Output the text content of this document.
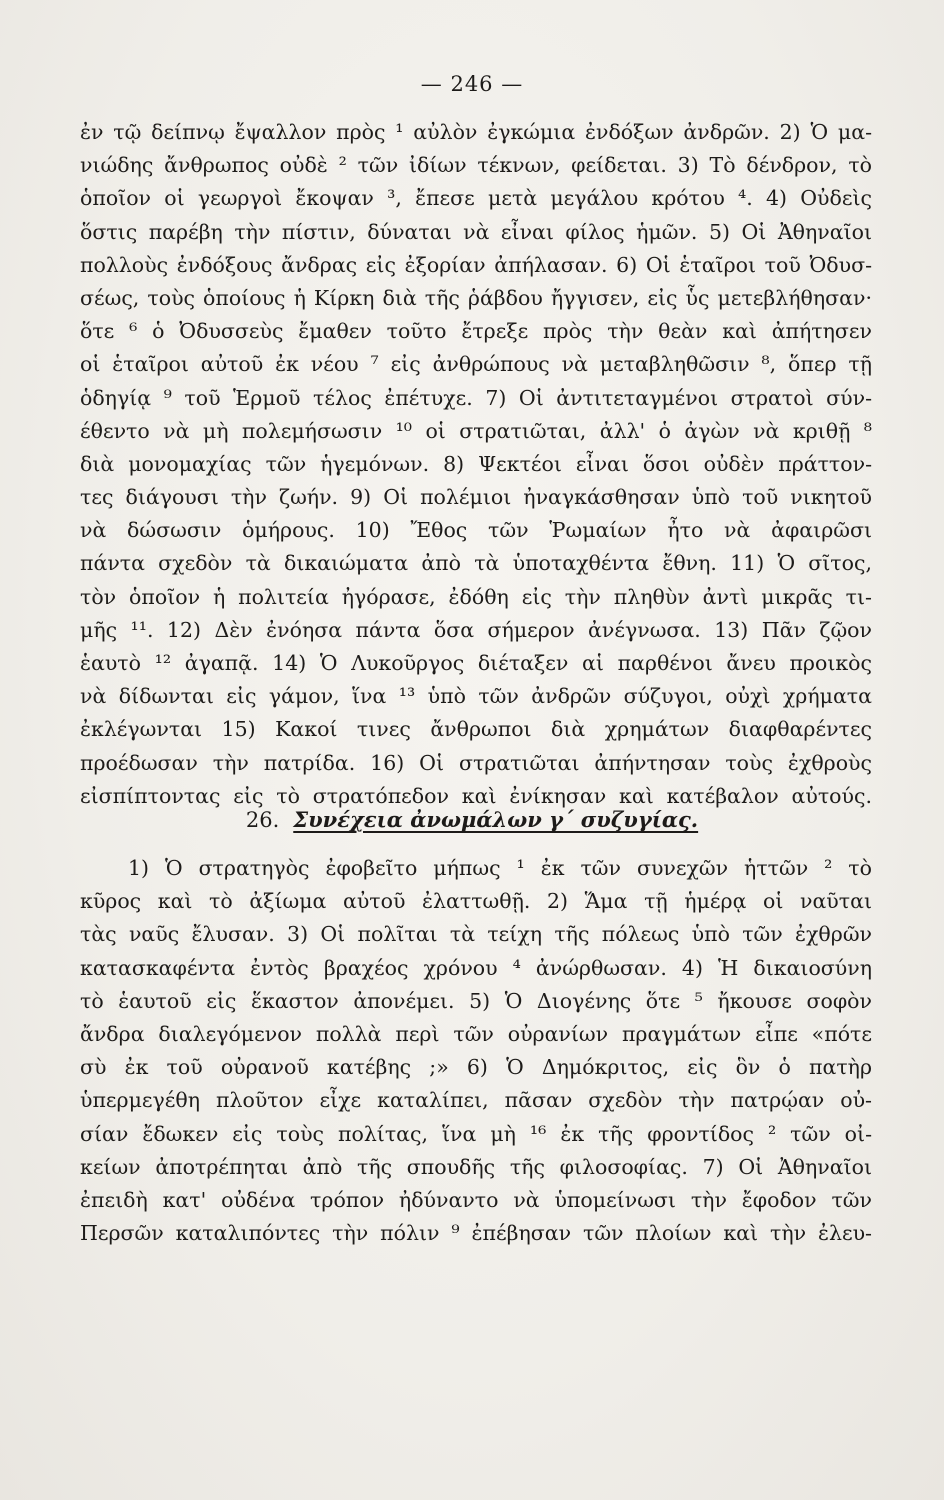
— 246 —
ἐν τῷ δείπνῳ ἔψαλλον πρὸς ¹ αὐλὸν ἐγκώμια ἐνδόξων ἀνδρῶν. 2) Ὁ μα-
νιώδης ἄνθρωπος οὐδὲ ² τῶν ἰδίων τέκνων, φείδεται. 3) Τὸ δένδρον, τὸ
ὁποῖον οἱ γεωργοὶ ἔκοψαν ³, ἔπεσε μετὰ μεγάλου κρότου ⁴. 4) Οὐδεὶς
ὅστις παρέβη τὴν πίστιν, δύναται νὰ εἶναι φίλος ἡμῶν. 5) Οἱ Ἀθηναῖοι
πολλοὺς ἐνδόξους ἄνδρας εἰς ἐξορίαν ἀπήλασαν. 6) Οἱ ἑταῖροι τοῦ Ὀδυσ-
σέως, τοὺς ὁποίους ἡ Κίρκη διὰ τῆς ῥάβδου ἤγγισεν, εἰς ὗς μετεβλήθησαν·
ὅτε ⁶ ὁ Ὀδυσσεὺς ἔμαθεν τοῦτο ἔτρεξε πρὸς τὴν θεὰν καὶ ἀπήτησεν
οἱ ἑταῖροι αὐτοῦ ἐκ νέου ⁷ εἰς ἀνθρώπους νὰ μεταβληθῶσιν ⁸, ὅπερ τῇ
ὁδηγίᾳ ⁹ τοῦ Ἑρμοῦ τέλος ἐπέτυχε. 7) Οἱ ἀντιτεταγμένοι στρατοὶ σύν-
έθεντο νὰ μὴ πολεμήσωσιν ¹⁰ οἱ στρατιῶται, ἀλλ' ὁ ἀγὼν νὰ κριθῇ ⁸
διὰ μονομαχίας τῶν ἡγεμόνων. 8) Ψεκτέοι εἶναι ὅσοι οὐδὲν πράττον-
τες διάγουσι τὴν ζωήν. 9) Οἱ πολέμιοι ἠναγκάσθησαν ὑπὸ τοῦ νικητοῦ
νὰ δώσωσιν ὁμήρους. 10) Ἔθος τῶν Ῥωμαίων ἦτο νὰ ἀφαιρῶσι
πάντα σχεδὸν τὰ δικαιώματα ἀπὸ τὰ ὑποταχθέντα ἔθνη. 11) Ὁ σῖτος,
τὸν ὁποῖον ἡ πολιτεία ἠγόρασε, ἐδόθη εἰς τὴν πληθὺν ἀντὶ μικρᾶς τι-
μῆς ¹¹. 12) Δὲν ἐνόησα πάντα ὅσα σήμερον ἀνέγνωσα. 13) Πᾶν ζῷον
ἑαυτὸ ¹² ἀγαπᾷ. 14) Ὁ Λυκοῦργος διέταξεν αἱ παρθένοι ἄνευ προικὸς
νὰ δίδωνται εἰς γάμον, ἵνα ¹³ ὑπὸ τῶν ἀνδρῶν σύζυγοι, οὐχὶ χρήματα
ἐκλέγωνται 15) Κακοί τινες ἄνθρωποι διὰ χρημάτων διαφθαρέντες
προέδωσαν τὴν πατρίδα. 16) Οἱ στρατιῶται ἀπήντησαν τοὺς ἐχθροὺς
εἰσπίπτοντας εἰς τὸ στρατόπεδον καὶ ἐνίκησαν καὶ κατέβαλον αὐτούς.
26. Συνέχεια ἀνωμάλων γ΄ συζυγίας.
1) Ὁ στρατηγὸς ἐφοβεῖτο μήπως ¹ ἐκ τῶν συνεχῶν ἡττῶν ² τὸ
κῦρος καὶ τὸ ἀξίωμα αὐτοῦ ἐλαττωθῇ. 2) Ἅμα τῇ ἡμέρᾳ οἱ ναῦται
τὰς ναῦς ἔλυσαν. 3) Οἱ πολῖται τὰ τείχη τῆς πόλεως ὑπὸ τῶν ἐχθρῶν
κατασκαφέντα ἐντὸς βραχέος χρόνου ⁴ ἀνώρθωσαν. 4) Ἡ δικαιοσύνη
τὸ ἑαυτοῦ εἰς ἕκαστον ἀπονέμει. 5) Ὁ Διογένης ὅτε ⁵ ἤκουσε σοφὸν
ἄνδρα διαλεγόμενον πολλὰ περὶ τῶν οὐρανίων πραγμάτων εἶπε «πότε
σὺ ἐκ τοῦ οὐρανοῦ κατέβης ;» 6) Ὁ Δημόκριτος, εἰς ὃν ὁ πατὴρ
ὑπερμεγέθη πλοῦτον εἶχε καταλίπει, πᾶσαν σχεδὸν τὴν πατρῴαν οὐ-
σίαν ἔδωκεν εἰς τοὺς πολίτας, ἵνα μὴ ¹⁶ ἐκ τῆς φροντίδος ² τῶν οἰ-
κείων ἀποτρέπηται ἀπὸ τῆς σπουδῆς τῆς φιλοσοφίας. 7) Οἱ Ἀθηναῖοι
ἐπειδὴ κατ' οὐδένα τρόπον ἠδύναντο νὰ ὑπομείνωσι τὴν ἔφοδον τῶν
Περσῶν καταλιπόντες τὴν πόλιν ⁹ ἐπέβησαν τῶν πλοίων καὶ τὴν ἐλευ-
